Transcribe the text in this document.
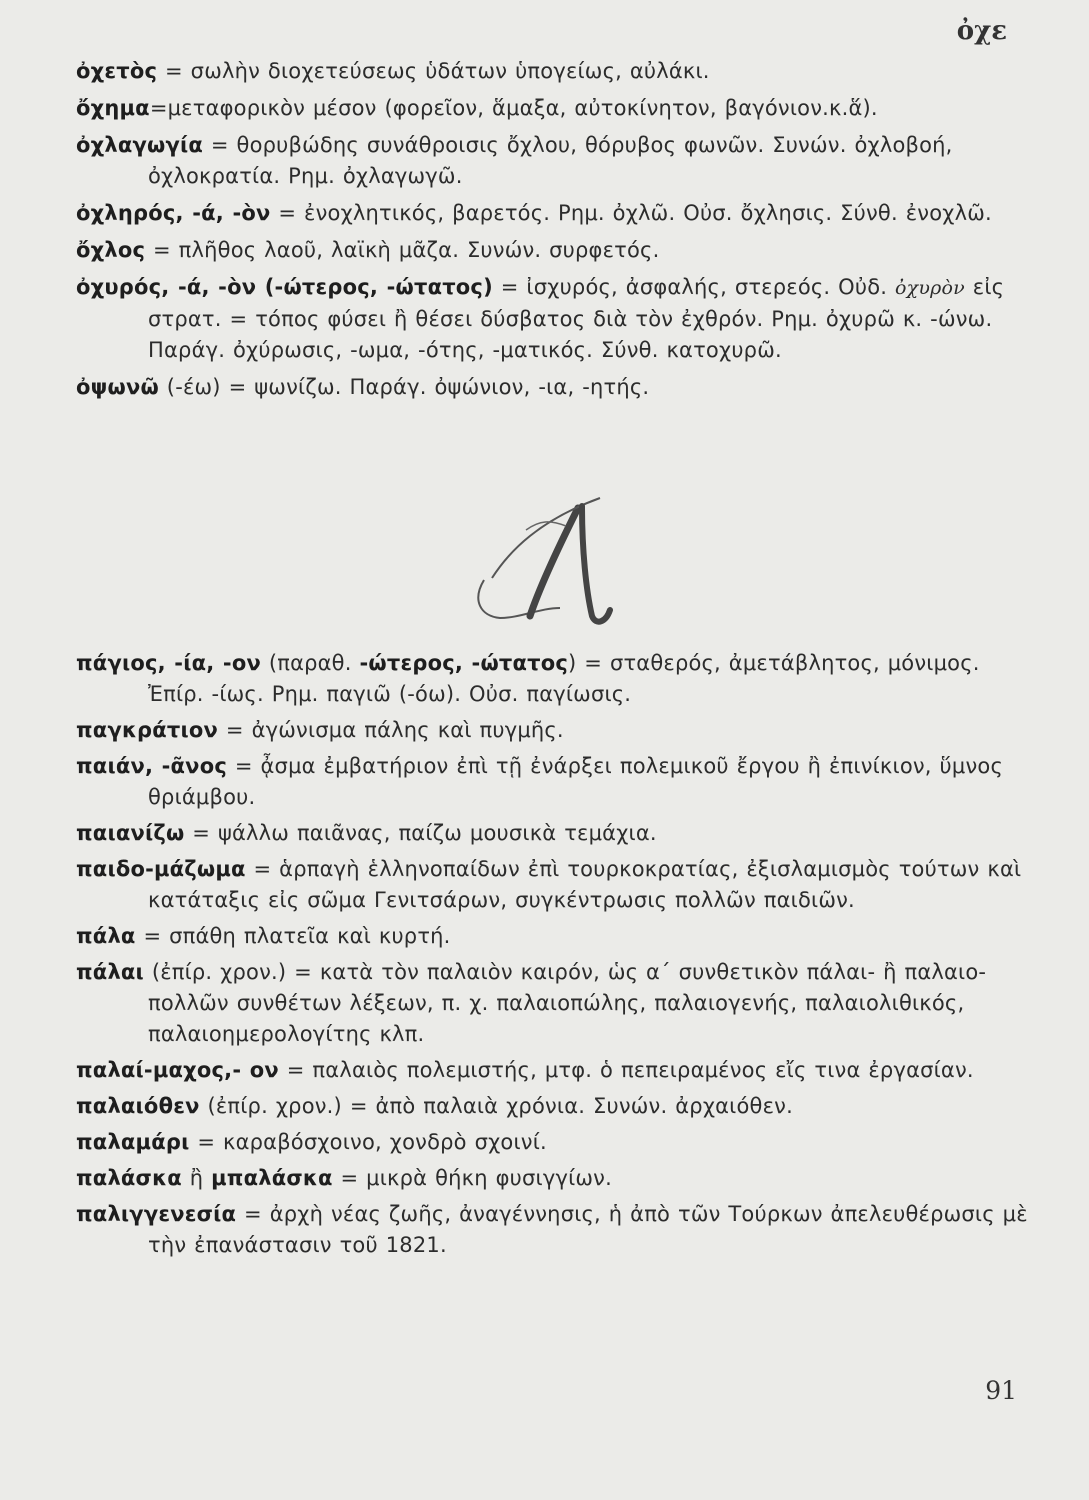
ὀχε

ὀχετὸς = σωλὴν διοχετεύσεως ὑδάτων ὑπογείως, αὐλάκι.

ὄχημα=μεταφορικὸν μέσον (φορεῖον, ἅμαξα, αὐτοκίνητον, βαγόνιον.κ.ἅ).

ὀχλαγωγία = θορυβώδης συνάθροισις ὄχλου, θόρυβος φωνῶν. Συνών. ὀχλοβοή, ὀχλοκρατία. Ρημ. ὀχλαγωγῶ.

ὀχληρός, -ά, -ὸν = ἐνοχλητικός, βαρετός. Ρημ. ὀχλῶ. Οὐσ. ὄχλησις. Σύνθ. ἐνοχλῶ.

ὄχλος = πλῆθος λαοῦ, λαϊκὴ μᾶζα. Συνών. συρφετός.

ὀχυρός, -ά, -ὸν (-ώτερος, -ώτατος) = ἰσχυρός, ἀσφαλής, στερεός. Οὐδ. ὀχυρὸν εἰς στρατ. = τόπος φύσει ἢ θέσει δύσβατος διὰ τὸν ἐχθρόν. Ρημ. ὀχυρῶ κ. -ώνω. Παράγ. ὀχύρωσις, -ωμα, -ότης, -ματικός. Σύνθ. κατοχυρῶ.

ὀψωνῶ (-έω) = ψωνίζω. Παράγ. ὀψώνιον, -ια, -ητής.

πάγιος, -ία, -ον (παραθ. -ώτερος, -ώτατος) = σταθερός, ἀμετάβλητος, μόνιμος. Ἐπίρ. -ίως. Ρημ. παγιῶ (-όω). Οὐσ. παγίωσις.

παγκράτιον = ἀγώνισμα πάλης καὶ πυγμῆς.

παιάν, -ᾶνος = ᾆσμα ἐμβατήριον ἐπὶ τῇ ἐνάρξει πολεμικοῦ ἔργου ἢ ἐπινίκιον, ὕμνος θριάμβου.

παιανίζω = ψάλλω παιᾶνας, παίζω μουσικὰ τεμάχια.

παιδο-μάζωμα = ἁρπαγὴ ἑλληνοπαίδων ἐπὶ τουρκοκρατίας, ἐξισλαμισμὸς τούτων καὶ κατάταξις εἰς σῶμα Γενιτσάρων, συγκέντρωσις πολλῶν παιδιῶν.

πάλα = σπάθη πλατεῖα καὶ κυρτή.

πάλαι (ἐπίρ. χρον.) = κατὰ τὸν παλαιὸν καιρόν, ὡς α΄ συνθετικὸν πάλαι- ἢ παλαιο- πολλῶν συνθέτων λέξεων, π. χ. παλαιοπώλης, παλαιογενής, παλαιολιθικός, παλαιοημερολογίτης κλπ.

παλαί-μαχος,- ον = παλαιὸς πολεμιστής, μτφ. ὁ πεπειραμένος εἴς τινα ἐργασίαν.

παλαιόθεν (ἐπίρ. χρον.) = ἀπὸ παλαιὰ χρόνια. Συνών. ἀρχαιόθεν.

παλαμάρι = καραβόσχοινο, χονδρὸ σχοινί.

παλάσκα ἢ μπαλάσκα = μικρὰ θήκη φυσιγγίων.

παλιγγενεσία = ἀρχὴ νέας ζωῆς, ἀναγέννησις, ἡ ἀπὸ τῶν Τούρκων ἀπελευθέρωσις μὲ τὴν ἐπανάστασιν τοῦ 1821.

91
